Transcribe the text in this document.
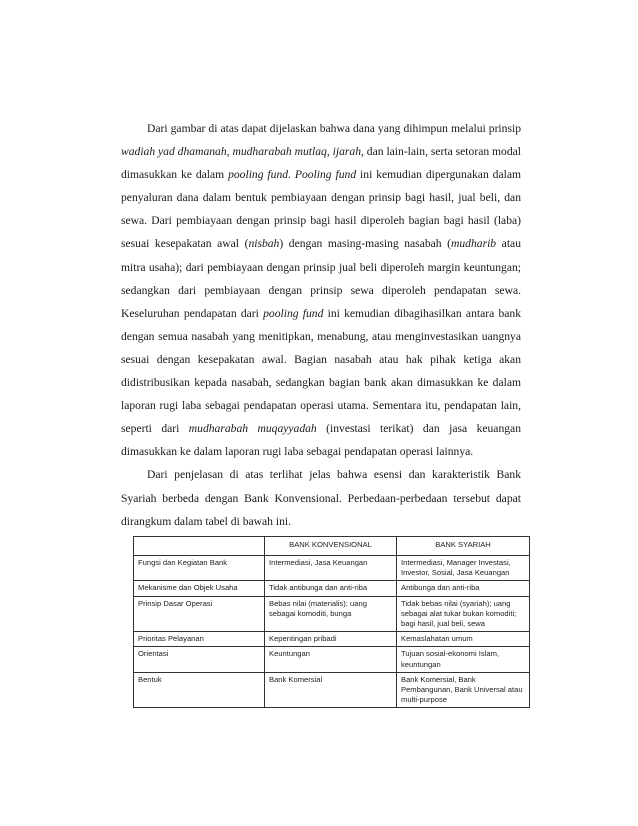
Dari gambar di atas dapat dijelaskan bahwa dana yang dihimpun melalui prinsip wadiah yad dhamanah, mudharabah mutlaq, ijarah, dan lain-lain, serta setoran modal dimasukkan ke dalam pooling fund. Pooling fund ini kemudian dipergunakan dalam penyaluran dana dalam bentuk pembiayaan dengan prinsip bagi hasil, jual beli, dan sewa. Dari pembiayaan dengan prinsip bagi hasil diperoleh bagian bagi hasil (laba) sesuai kesepakatan awal (nisbah) dengan masing-masing nasabah (mudharib atau mitra usaha); dari pembiayaan dengan prinsip jual beli diperoleh margin keuntungan; sedangkan dari pembiayaan dengan prinsip sewa diperoleh pendapatan sewa. Keseluruhan pendapatan dari pooling fund ini kemudian dibagihasilkan antara bank dengan semua nasabah yang menitipkan, menabung, atau menginvestasikan uangnya sesuai dengan kesepakatan awal. Bagian nasabah atau hak pihak ketiga akan didistribusikan kepada nasabah, sedangkan bagian bank akan dimasukkan ke dalam laporan rugi laba sebagai pendapatan operasi utama. Sementara itu, pendapatan lain, seperti dari mudharabah muqayyadah (investasi terikat) dan jasa keuangan dimasukkan ke dalam laporan rugi laba sebagai pendapatan operasi lainnya.

Dari penjelasan di atas terlihat jelas bahwa esensi dan karakteristik Bank Syariah berbeda dengan Bank Konvensional. Perbedaan-perbedaan tersebut dapat dirangkum dalam tabel di bawah ini.

	BANK KONVENSIONAL	BANK SYARIAH
Fungsi dan Kegiatan Bank	Intermediasi, Jasa Keuangan	Intermediasi, Manager Investasi, Investor, Sosial, Jasa Keuangan
Mekanisme dan Objek Usaha	Tidak antibunga dan anti-riba	Antibunga dan anti-riba
Prinsip Dasar Operasi	Bebas nilai (materialis); uang sebagai komoditi, bunga	Tidak bebas nilai (syariah); uang sebagai alat tukar bukan komoditi; bagi hasil, jual beli, sewa
Prioritas Pelayanan	Kepentingan pribadi	Kemaslahatan umum
Orientasi	Keuntungan	Tujuan sosial-ekonomi Islam, keuntungan
Bentuk	Bank Komersial	Bank Komersial, Bank Pembangunan, Bank Universal atau multi-purpose
